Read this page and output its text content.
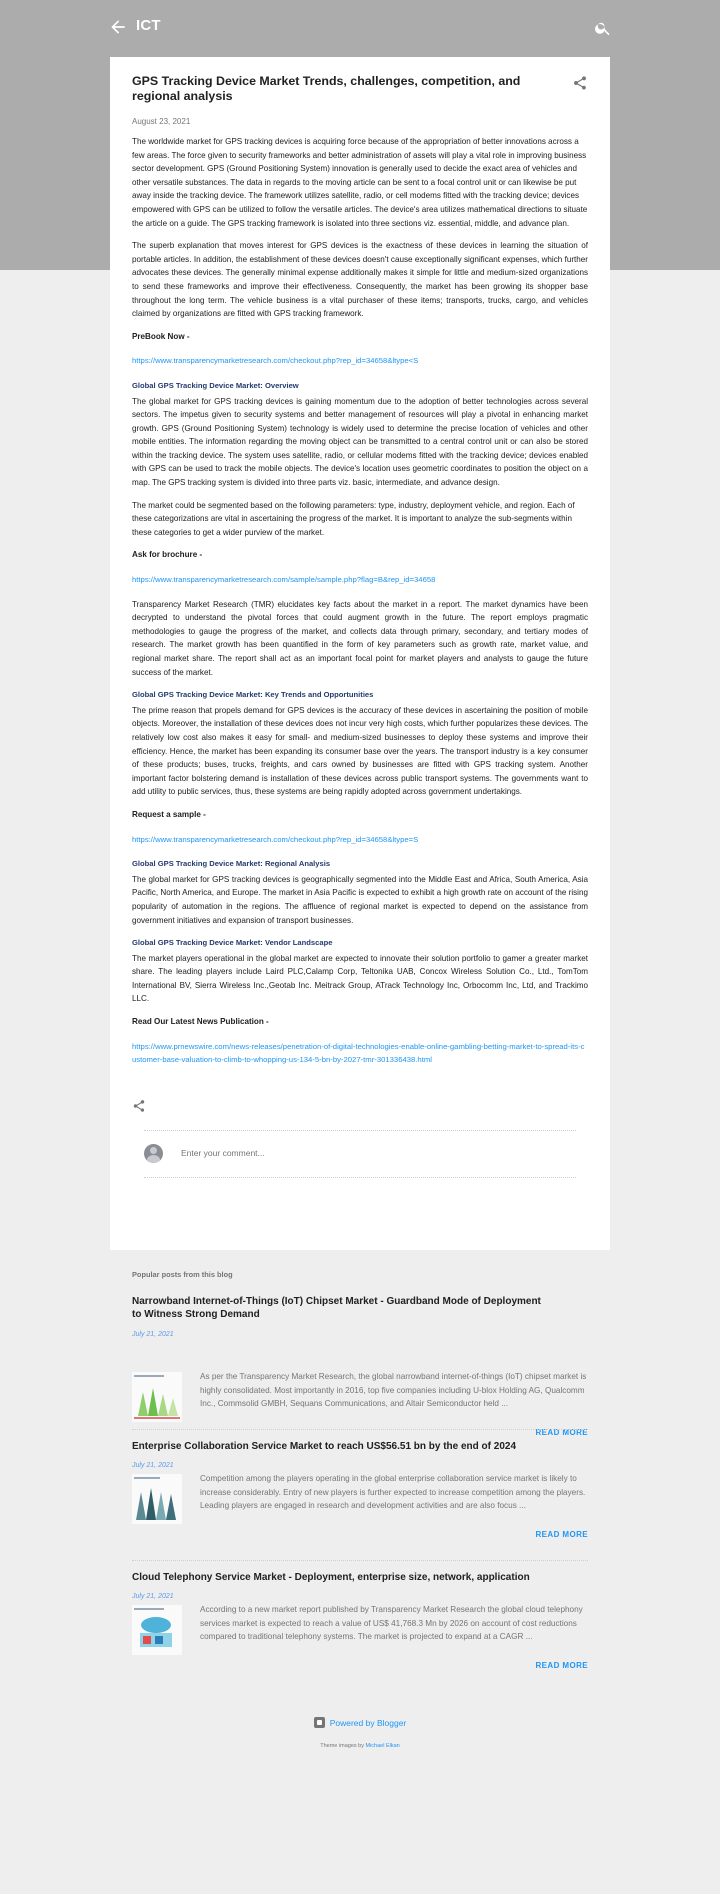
ICT
GPS Tracking Device Market Trends, challenges, competition, and regional analysis
August 23, 2021

The worldwide market for GPS tracking devices is acquiring force because of the appropriation of better innovations across a few areas. The force given to security frameworks and better administration of assets will play a vital role in improving business sector development. GPS (Ground Positioning System) innovation is generally used to decide the exact area of vehicles and other versatile substances. The data in regards to the moving article can be sent to a focal control unit or can likewise be put away inside the tracking device. The framework utilizes satellite, radio, or cell modems fitted with the tracking device; devices empowered with GPS can be utilized to follow the versatile articles. The device's area utilizes mathematical directions to situate the article on a guide. The GPS tracking framework is isolated into three sections viz. essential, middle, and advance plan.

The superb explanation that moves interest for GPS devices is the exactness of these devices in learning the situation of portable articles. In addition, the establishment of these devices doesn't cause exceptionally significant expenses, which further advocates these devices. The generally minimal expense additionally makes it simple for little and medium-sized organizations to send these frameworks and improve their effectiveness. Consequently, the market has been growing its shopper base throughout the long term. The vehicle business is a vital purchaser of these items; transports, trucks, cargo, and vehicles claimed by organizations are fitted with GPS tracking framework.

PreBook Now -

https://www.transparencymarketresearch.com/checkout.php?rep_id=34658&ltype<S

Global GPS Tracking Device Market: Overview

The global market for GPS tracking devices is gaining momentum due to the adoption of better technologies across several sectors. The impetus given to security systems and better management of resources will play a pivotal in enhancing market growth. GPS (Ground Positioning System) technology is widely used to determine the precise location of vehicles and other mobile entities. The information regarding the moving object can be transmitted to a central control unit or can also be stored within the tracking device. The system uses satellite, radio, or cellular modems fitted with the tracking device; devices enabled with GPS can be used to track the mobile objects. The device's location uses geometric coordinates to position the object on a map. The GPS tracking system is divided into three parts viz. basic, intermediate, and advance design.

The market could be segmented based on the following parameters: type, industry, deployment vehicle, and region. Each of these categorizations are vital in ascertaining the progress of the market. It is important to analyze the sub-segments within these categories to get a wider purview of the market.

Ask for brochure -

https://www.transparencymarketresearch.com/sample/sample.php?flag=B&rep_id=34658

Transparency Market Research (TMR) elucidates key facts about the market in a report. The market dynamics have been decrypted to understand the pivotal forces that could augment growth in the future. The report employs pragmatic methodologies to gauge the progress of the market, and collects data through primary, secondary, and tertiary modes of research. The market growth has been quantified in the form of key parameters such as growth rate, market value, and regional market share. The report shall act as an important focal point for market players and analysts to gauge the future success of the market.

Global GPS Tracking Device Market: Key Trends and Opportunities

The prime reason that propels demand for GPS devices is the accuracy of these devices in ascertaining the position of mobile objects. Moreover, the installation of these devices does not incur very high costs, which further popularizes these devices. The relatively low cost also makes it easy for small- and medium-sized businesses to deploy these systems and improve their efficiency. Hence, the market has been expanding its consumer base over the years. The transport industry is a key consumer of these products; buses, trucks, freights, and cars owned by businesses are fitted with GPS tracking system. Another important factor bolstering demand is installation of these devices across public transport systems. The governments want to add utility to public services, thus, these systems are being rapidly adopted across government undertakings.

Request a sample -

https://www.transparencymarketresearch.com/checkout.php?rep_id=34658&ltype=S

Global GPS Tracking Device Market: Regional Analysis

The global market for GPS tracking devices is geographically segmented into the Middle East and Africa, South America, Asia Pacific, North America, and Europe. The market in Asia Pacific is expected to exhibit a high growth rate on account of the rising popularity of automation in the regions. The affluence of regional market is expected to depend on the assistance from government initiatives and expansion of transport businesses.

Global GPS Tracking Device Market: Vendor Landscape

The market players operational in the global market are expected to innovate their solution portfolio to gamer a greater market share. The leading players include Laird PLC,Calamp Corp, Teltonika UAB, Concox Wireless Solution Co., Ltd., TomTom International BV, Sierra Wireless Inc.,Geotab Inc. Meitrack Group, ATrack Technology Inc, Orbocomm Inc, Ltd, and Trackimo LLC.

Read Our Latest News Publication -

https://www.prnewswire.com/news-releases/penetration-of-digital-technologies-enable-online-gambling-betting-market-to-spread-its-customer-base-valuation-to-climb-to-whopping-us-134-5-bn-by-2027-tmr-301336438.html

Enter your comment...
Popular posts from this blog
Narrowband Internet-of-Things (IoT) Chipset Market - Guardband Mode of Deployment to Witness Strong Demand
July 21, 2021
As per the Transparency Market Research, the global narrowband internet-of-things (IoT) chipset market is highly consolidated. Most importantly in 2016, top five companies including U-blox Holding AG, Qualcomm Inc., Commsolid GMBH, Sequans Communications, and Altair Semiconductor held ...
READ MORE
Enterprise Collaboration Service Market to reach US$56.51 bn by the end of 2024
July 21, 2021
Competition among the players operating in the global enterprise collaboration service market is likely to increase considerably. Entry of new players is further expected to increase competition among the players. Leading players are engaged in research and development activities and are also focus ...
READ MORE
Cloud Telephony Service Market - Deployment, enterprise size, network, application
July 21, 2021
According to a new market report published by Transparency Market Research the global cloud telephony services market is expected to reach a value of US$ 41,768.3 Mn by 2026 on account of cost reductions compared to traditional telephony systems. The market is projected to expand at a CAGR ...
READ MORE
Powered by Blogger
Theme images by Michael Elkan
